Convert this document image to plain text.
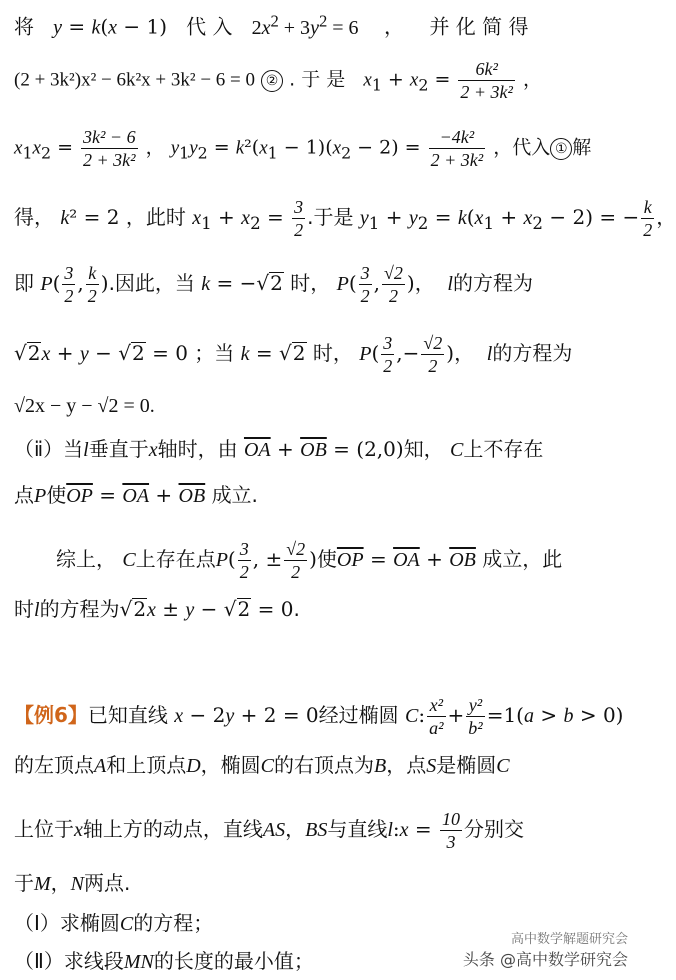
将 y = k(x − 1)   代 入 $2x^2 + 3y^2 = 6$ ， 并 化 简 得
(2 + 3k²)x² − 6k²x + 3k² − 6 = 0 ② . 于 是 $x_1 + x_2 = \frac{\text{6k²}}{\text{2 + 3k²}}$ ，
$x_1x_2 = \frac{\text{3k² − 6}}{\text{2 + 3k²}}$ ， $y_1y_2 = k^2(x_1 - 1)(x_2 - 2) = \frac{\text{−4k²}}{\text{2 + 3k²}}$ ，代入 ① 解
得， k² = 2 ，此时 $x_1 + x_2 = \frac{3}{2}$ .于是 $y_1 + y_2 = k(x_1 + x_2 - 2)$ = − $\frac{k}{2}$ ，
即 $P( \frac{3}{2}$ , $\frac{k}{2}$ ).因此，当 k = −√2 时， $P( \frac{3}{2}$ , $\frac{√2}{2}$ )， l的方程为
√2x + y − √2 = 0 ；当 k = √2 时， $P( \frac{3}{2}$ ,− $\frac{√2}{2}$ )， l的方程为
√2x − y − √2 = 0.
（ⅱ）当l垂直于x轴时，由 $\overline{OA} + \overline{OB} = (2,0)$知， C上不存在
点P使$\overline{OP} = \overline{OA} + \overline{OB}$ 成立.
综上， C上存在点$P( \frac{3}{2}$ , ± $\frac{√2}{2}$ )使$\overline{OP} = \overline{OA} + \overline{OB}$ 成立，此
时l的方程为√2x ± y − √2 = 0.
【例6】已知直线 x − 2y + 2 = 0经过椭圆 C: $\frac{\text{x²}}{\text{a²}} + \frac{\text{y²}}{\text{b²}} =1(a > b > 0)$
的左顶点A和上顶点D，椭圆C的右顶点为B，点S是椭圆C
上位于x轴上方的动点，直线AS，BS与直线l:x = $\frac{10}{3}$ 分别交
于M，N两点.
（Ⅰ）求椭圆C的方程；
（Ⅱ）求线段MN的长度的最小值；
高中数学解题研究会
头条 @高中数学研究会
